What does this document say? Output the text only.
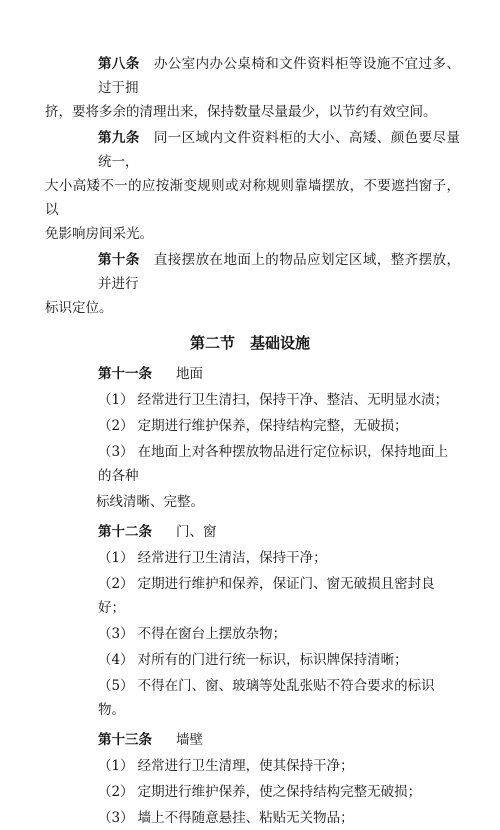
第八条 办公室内办公桌椅和文件资料柜等设施不宜过多、过于拥

挤，要将多余的清理出来，保持数量尽量最少，以节约有效空间。

第九条 同一区域内文件资料柜的大小、高矮、颜色要尽量统一，

大小高矮不一的应按渐变规则或对称规则靠墙摆放，不要遮挡窗子，以

免影响房间采光。

第十条 直接摆放在地面上的物品应划定区域，整齐摆放，并进行

标识定位。

第二节　基础设施
第十一条 地面
（1） 经常进行卫生清扫，保持干净、整洁、无明显水渍；
（2） 定期进行维护保养，保持结构完整，无破损；
（3） 在地面上对各种摆放物品进行定位标识，保持地面上的各种
标线清晰、完整。
第十二条 门、窗
（1） 经常进行卫生清洁，保持干净；
（2） 定期进行维护和保养，保证门、窗无破损且密封良好；
（3） 不得在窗台上摆放杂物；
（4） 对所有的门进行统一标识，标识牌保持清晰；
（5） 不得在门、窗、玻璃等处乱张贴不符合要求的标识物。
第十三条 墙壁
（1） 经常进行卫生清理，使其保持干净；
（2） 定期进行维护保养，使之保持结构完整无破损；
（3） 墙上不得随意悬挂、粘贴无关物品；
